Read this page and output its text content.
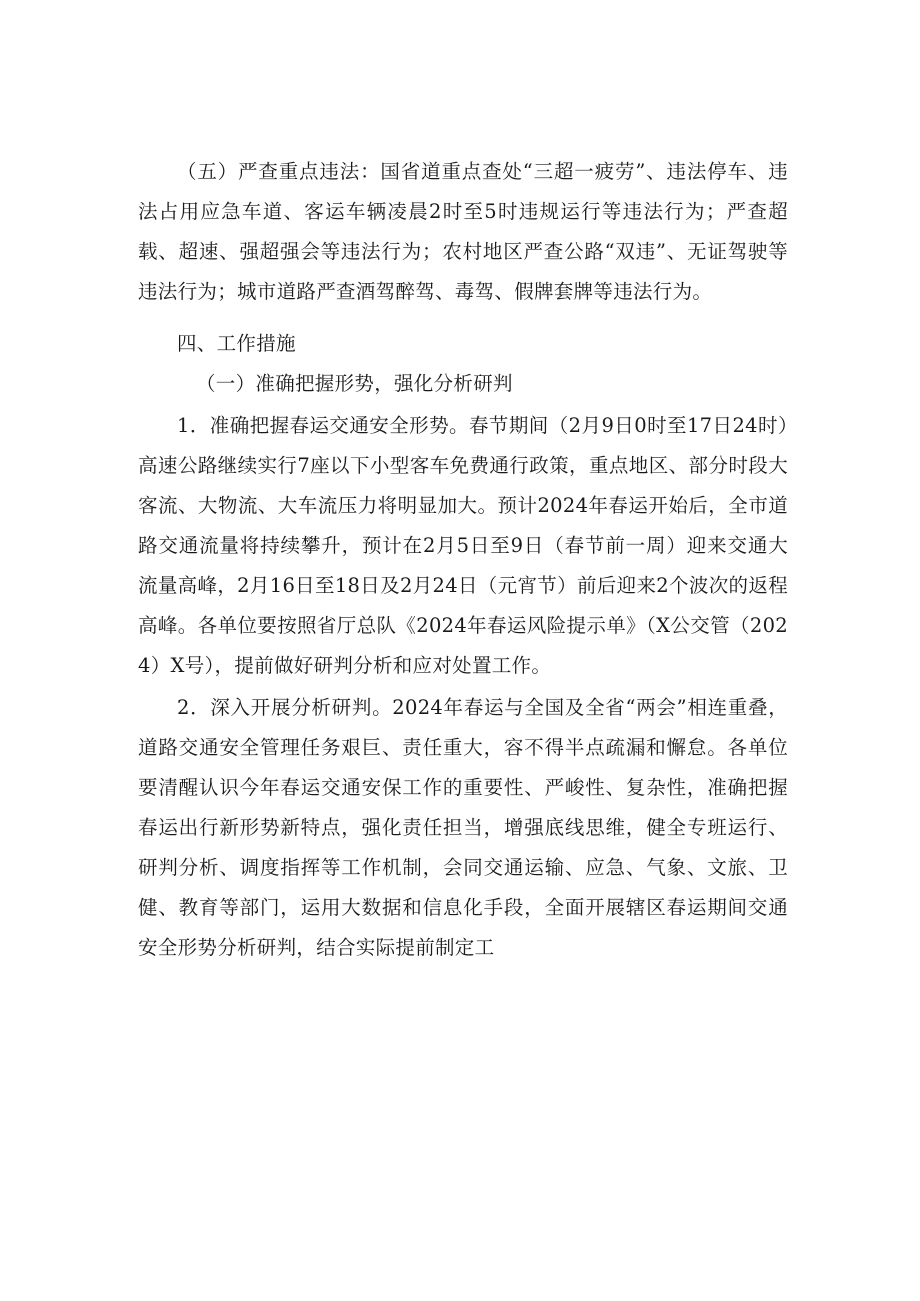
（五）严查重点违法：国省道重点查处“三超一疲劳”、违法停车、违法占用应急车道、客运车辆凌晨2时至5时违规运行等违法行为；严查超载、超速、强超强会等违法行为；农村地区严查公路“双违”、无证驾驶等违法行为；城市道路严查酒驾醉驾、毒驾、假牌套牌等违法行为。

四、工作措施

（一）准确把握形势，强化分析研判

1．准确把握春运交通安全形势。春节期间（2月9日0时至17日24时）高速公路继续实行7座以下小型客车免费通行政策，重点地区、部分时段大客流、大物流、大车流压力将明显加大。预计2024年春运开始后，全市道路交通流量将持续攀升，预计在2月5日至9日（春节前一周）迎来交通大流量高峰，2月16日至18日及2月24日（元宵节）前后迎来2个波次的返程高峰。各单位要按照省厅总队《2024年春运风险提示单》（X公交管（2024）X号），提前做好研判分析和应对处置工作。

2．深入开展分析研判。2024年春运与全国及全省“两会”相连重叠，道路交通安全管理任务艰巨、责任重大，容不得半点疏漏和懈怠。各单位要清醒认识今年春运交通安保工作的重要性、严峻性、复杂性，准确把握春运出行新形势新特点，强化责任担当，增强底线思维，健全专班运行、研判分析、调度指挥等工作机制，会同交通运输、应急、气象、文旅、卫健、教育等部门，运用大数据和信息化手段，全面开展辖区春运期间交通安全形势分析研判，结合实际提前制定工
